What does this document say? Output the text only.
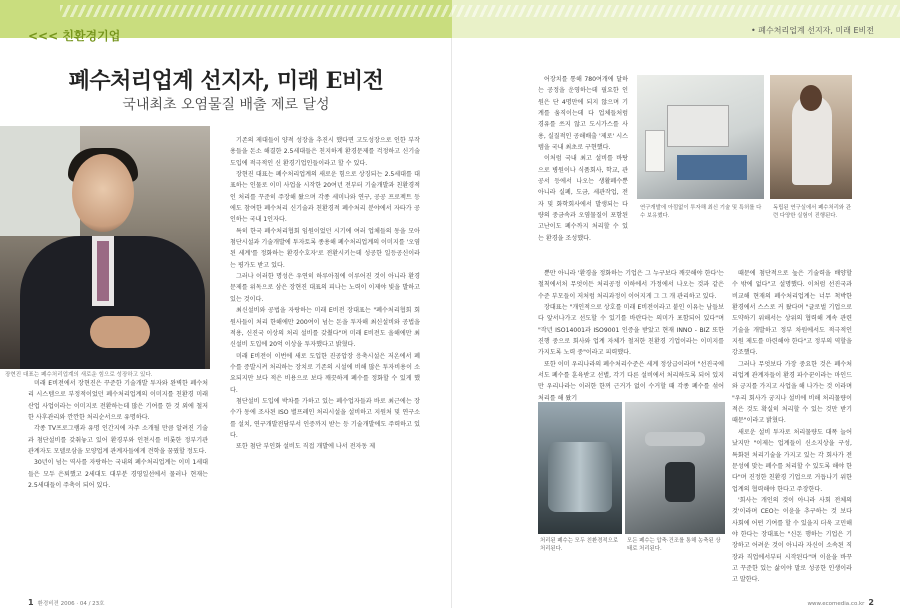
<<< 친환경기업	• 폐수처리업계 선지자, 미래 E비전
폐수처리업계 선지자, 미래 E비전
국내최초 오염물질 배출 제로 달성
장현진 대표는 폐수처리업계의 새로운 힘으로 성장하고 있다.

기존의 제대들이 양적 성장을 추진시 했다면 고도성장으로 인한 부작용들을 돈소 해결한 2.5세대들은 친지하게 환경문제를 걱정하고 신기술 도입에 적극적인 신 환경기업인들이라고 할 수 있다.

장현진 대표는 폐수처리업계의 새로운 힘으로 상징되는 2.5세대를 대표하는 인물로 이미 사업을 시작한 20여년 전부터 기술개발과 친환경적인 처리를 꾸준히 주장해 왔으며 각종 세미나와 연구, 공공 프로젝트 등에도 참여한 폐수처리 신기술과 친환경적 폐수처리 분야에서 자타가 공인하는 국내 1인자다.

특히 한국 폐수처리협회 임원이었던 시기에 여러 업체들의 동을 모아 첨단시설과 기술개발에 투자토록 종용해 폐수처리업계의 이미지를 '오염된 세계'를 정화하는 환경수호자'로 전환시키는데 성공한 일등공신이라는 평가도 받고 있다.

그러나 이러한 명성은 우연히 하루아침에 이루어진 것이 아니라 환경문제를 위독으로 삼은 장현진 대표의 피나는 노력이 이제야 빛을 발하고 있는 것이다.

최신설비와 공법을 자랑하는 미래 E비전 장대표는 "폐수처리협회 회원사들이 처리 한해에만 200여이 넘는 돈을 투자해 최신설비와 공법을 적용, 신진국 이상의 처리 설비를 갖췄다"며 미래 E비전도 올해에만 최신설비 도입에 20억 이상을 투자했다고 밝혔다.

미래 E비전이 이번에 새로 도입한 진공압장 응축시설은 저온에서 폐수를 증발시켜 처리하는 장치로 기존의 시설에 비해 많은 투자비용이 소요되지만 보다 적은 비용으로 보다 깨끗하게 폐수를 정화할 수 있게 했다.

첨단설비 도입에 박차를 가하고 있는 폐수업자들과 바로 최근에는 장수가 동에 조사된 ISO 별프레인 처리시설을 설비하고 지원처 및 연구소를 설치, 연구개발전담부서 인증까지 받는 등 기술개발에도 주력하고 있다.

또한 첨단 부인화 설비도 직접 개발에 나서 전자동 제

미래 E비전에서 장현진은 꾸준한 기술개발 투자와 완벽한 폐수처리 시스템으로 부정적이었던 폐수처리업계의 이미지를 친환경 미래산업 사업이라는 이미지로 전환하는데 많은 기여를 한 것 외에 철저한 사후관리와 깐깐한 처리순서으로 유명하다.

각종 TV프로그램과 유명 인간지에 자주 소개될 만큼 알려진 기술과 첨단설비를 갖춰놓고 있어 환경부와 인천시를 비롯한 정부기관 관계자도 모델로삼을 모양업계 관계자들에게 견학을 꿈꿨할 정도다.

30년이 넘는 역사를 자랑하는 국내의 폐수처리업계는 이미 1세대들은 모두 은퇴했고 2세대도 대부분 경영일선에서 물러나 현재는 2.5세대들이 주축이 되어 있다.

연구개발에 아낌없이 투자해 최신 기술 및 특허를 다수 보유했다.
독립된 연구실에서 폐수처리와 관련 다양한 실험이 진행된다.

어장치를 통해 780여개에 달하는 공정을 운영하는데 필요한 인원은 단 4명만에 되지 않으며 기계를 움직이는데 다 업체들처럼 경유를 쓰지 않고 도시가스를 사용, 실질적인 공해배출 '제로' 시스템을 국내 최초로 구현했다.

이처럼 국내 최고 설비를 바탕으로 병원이나 식품회사, 학교, 관공서 등에서 나오는 생활폐수뿐 아니라 실폐, 도금, 세관작업, 전자 및 화학회사에서 발생되는 다량의 중금속과 오염물질이 포함된 고난이도 폐수까지 처리할 수 있는 환경을 조성했다.

뿐만 아니라 '환경을 정화하는 기업은 그 누구보다 깨끗해야 한다'는 철칙에서처 무엇이든 처리공정 이하에서 가정에서 나오는 것과 같은 수준 부모들이 저처럼 처리과정이 이어지게 그 그 개 관리하고 있다.

장대표는 "개인적으로 상호를 미래 E비전이라고 붙인 이유는 남들보다 앞서나가고 선도할 수 있기를 바란다는 의미가 포함되어 있다"며 "작년 ISO14001과 ISO9001 인증을 받았고 현재 INNO - BIZ 또한 진행 중으로 회사와 업계 자체가 철저한 친환경 기업이라는 이미지를 가지도록 노력 중"이라고 피력했다.

또한 이미 우리나라의 폐수처리수준은 세계 정상급이라며 "선진국에서도 폐수를 훈육받고 선별, 각기 다른 설비에서 처리하도록 되어 있지만 우리나라는 이러한 한꺼 근거가 없이 수거할 때 각종 폐수를 섞어 처리를 해 왔기

때문에 첨단적으로 높은 기술력을 배양할 수 밖에 없다"고 설명했다. 이처럼 선진국과 비교해 현재의 폐수처리업계는 너무 척박한 환경에서 스스로 커 왔다며 "글로벌 기업으로 도약하기 위해서는 상위의 협력해 계속 관련 기술을 개발하고 정부 차원에서도 적극적인 지원 제도를 마련해야 한다"고 정부의 역할을 강조했다.

그러나 무엇보다 가장 중요한 것은 폐수처리업계 관계자들이 환경 파수꾼이라는 마인드와 긍지를 가지고 사업을 해 나가는 것 이라며 "우리 회사가 궁지나 설비에 비해 처리물량이 적은 것도 확실히 처리할 수 있는 것만 받기 때문"이라고 밝혔다.

새로운 설비 투자로 처리물량도 대폭 늘어났지만 "이제는 업계들이 신소지상을 구성, 특화된 처리기술을 가지고 있는 각 회사가 전문성에 맞는 폐수를 처리할 수 있도록 해야 한다"며 진정한 친환경 기업으로 거듭나기 위한 업계의 협력해야 한다고 주장한다.

'회사는 개인의 것이 아니라 사회 전체의 것'이라며 CEO는 이윤을 추구하는 것 보다 사회에 어떤 기여를 할 수 있을지 더욱 고민해야 한다는 장대표는 "신돈 행하는 기업은 기장하고 어려운 것이 아니라 자신이 소속된 직장과 직업에서부터 시작된다"며 이윤을 바꾸고 꾸준한 있는 삶이야 말로 성공한 인생이라고 말한다.

처리된 폐수는 모두 친환경적으로 처리된다.
모든 폐수는 압축·건조를 통해 농축된 상태로 처리된다.
1 환경비젼 2006 · 04 / 23호	www.ecomedia.co.kr 2
